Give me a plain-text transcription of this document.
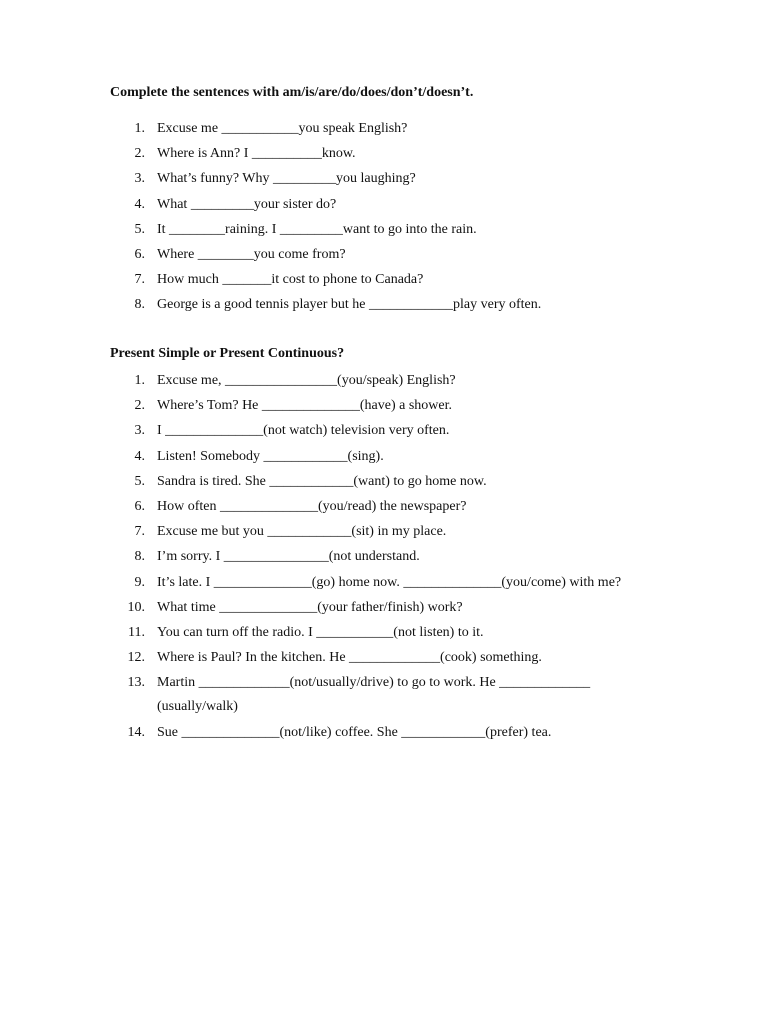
Complete the sentences with am/is/are/do/does/don’t/doesn’t.
1. Excuse me ___________you speak English?
2. Where is Ann? I __________know.
3. What’s funny? Why _________you laughing?
4. What _________your sister do?
5. It ________raining. I _________want to go into the rain.
6. Where ________you come from?
7. How much _______it cost to phone to Canada?
8. George is a good tennis player but he ____________play very often.
Present Simple or Present Continuous?
1. Excuse me, ________________(you/speak) English?
2. Where’s Tom? He ______________(have) a shower.
3. I ______________(not watch) television very often.
4. Listen! Somebody ____________(sing).
5. Sandra is tired. She ____________(want) to go home now.
6. How often ______________(you/read) the newspaper?
7. Excuse me but you ____________(sit) in my place.
8. I’m sorry. I _______________(not understand.
9. It’s late. I ______________(go) home now. ______________(you/come) with me?
10. What time ______________(your father/finish) work?
11. You can turn off the radio. I ___________(not listen) to it.
12. Where is Paul? In the kitchen. He _____________(cook) something.
13. Martin _____________(not/usually/drive) to go to work. He _____________
(usually/walk)
14. Sue ______________(not/like) coffee. She ____________(prefer) tea.
